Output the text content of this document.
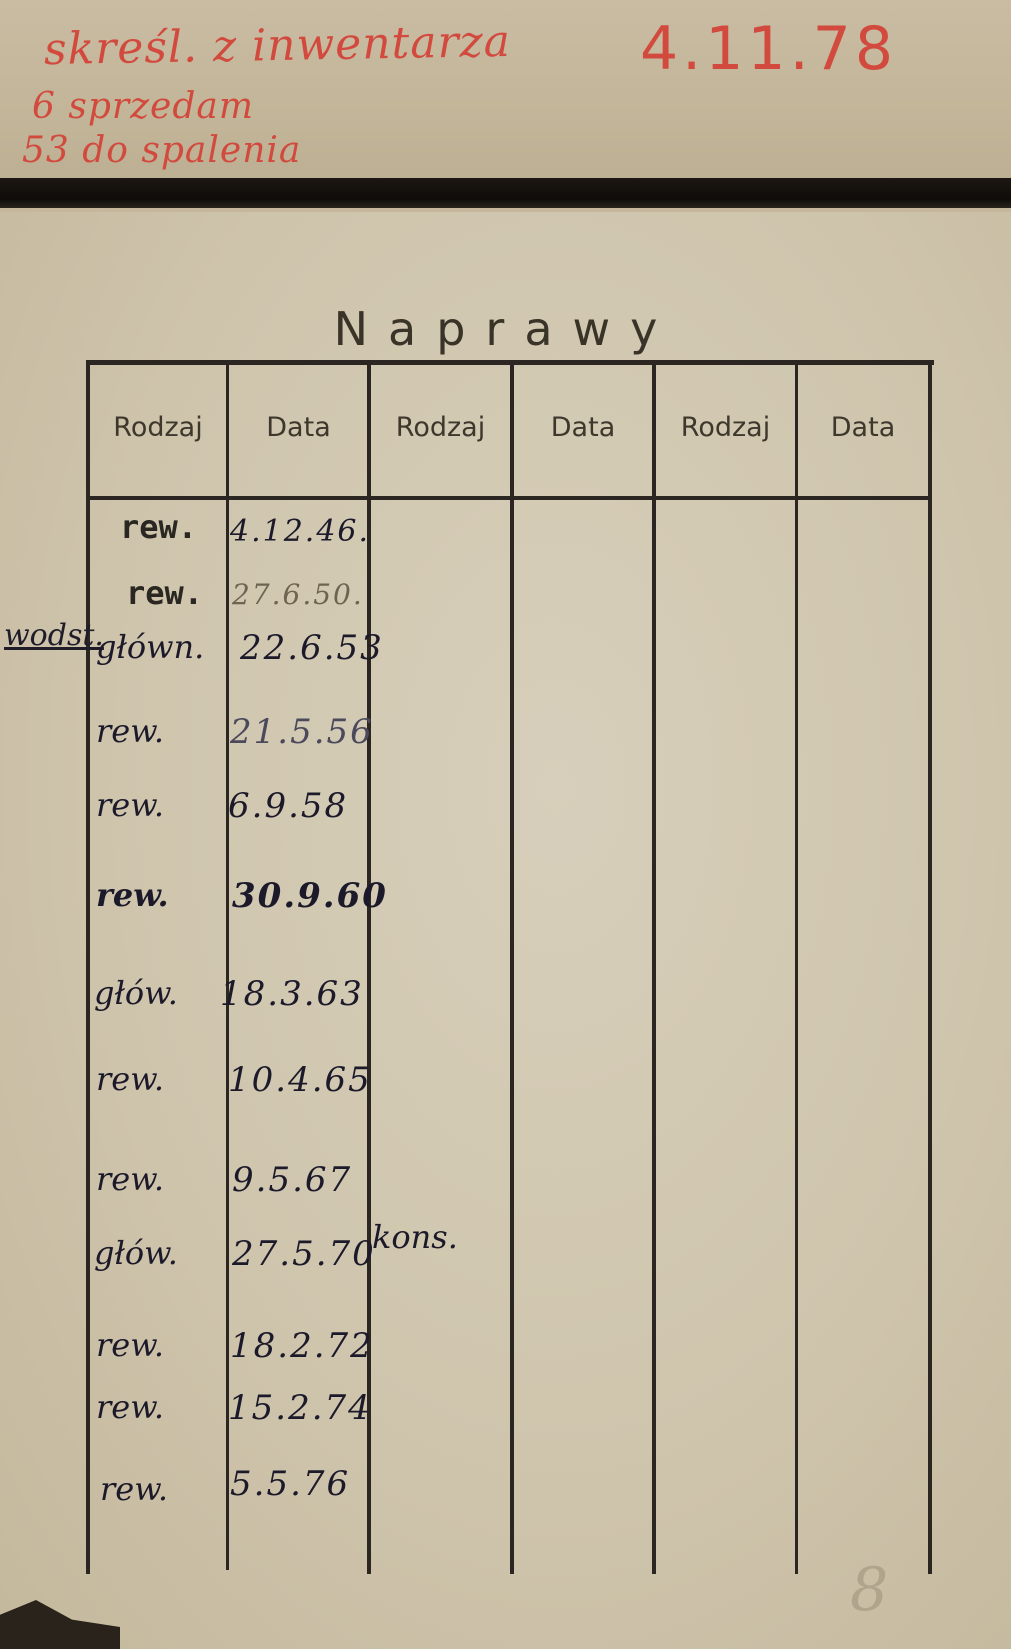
skreśl. z inwentarza 4.11.78
6 sprzedam
53 do spalenia
Naprawy
Rodzaj	Data	Rodzaj	Data	Rodzaj	Data
wodst.
rew. 4.12.46.
rew. 27.6.50.
główn. 22.6.53
rew. 21.5.56
rew. 6.9.58
rew. 30.9.60
głów. 18.3.63
rew. 10.4.65
rew. 9.5.67
głów. 27.5.70
kons.
rew. 18.2.72
rew. 15.2.74
rew. 5.5.76
8
